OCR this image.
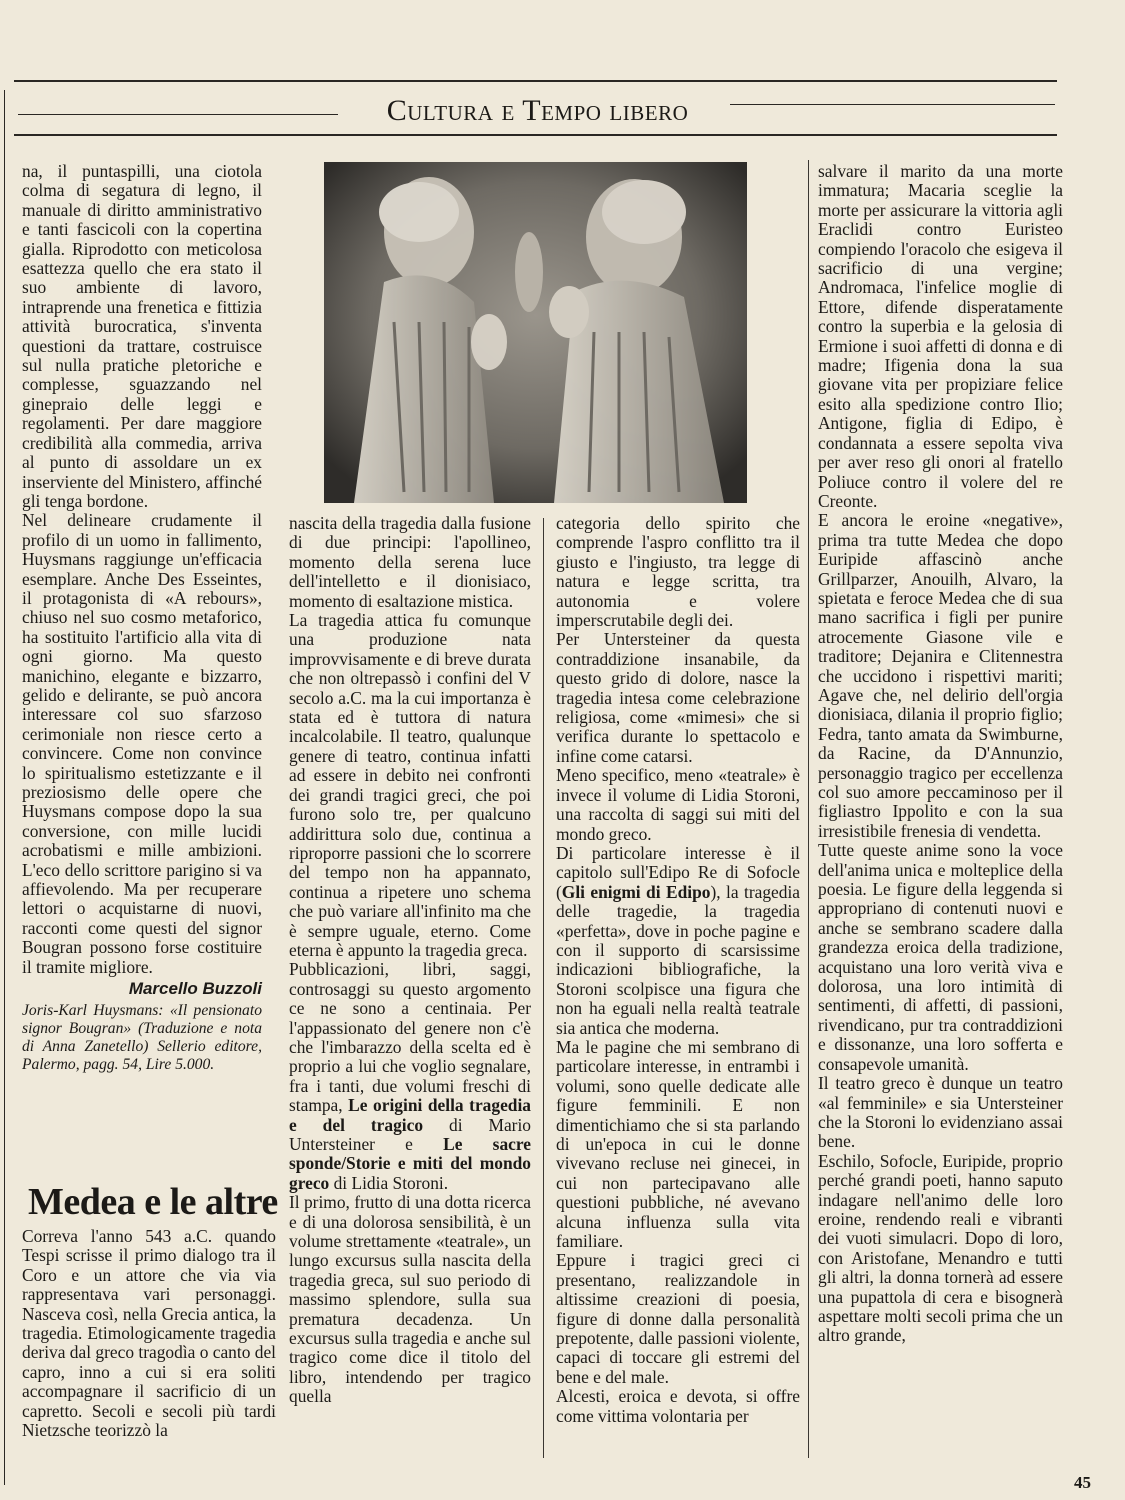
Cultura e Tempo libero

na, il puntaspilli, una ciotola colma di segatura di legno, il manuale di diritto amministrativo e tanti fascicoli con la copertina gialla. Riprodotto con meticolosa esattezza quello che era stato il suo ambiente di lavoro, intraprende una frenetica e fittizia attività burocratica, s'inventa questioni da trattare, costruisce sul nulla pratiche pletoriche e complesse, sguazzando nel ginepraio delle leggi e regolamenti. Per dare maggiore credibilità alla commedia, arriva al punto di assoldare un ex inserviente del Ministero, affinché gli tenga bordone.

Nel delineare crudamente il profilo di un uomo in fallimento, Huysmans raggiunge un'efficacia esemplare. Anche Des Esseintes, il protagonista di «A rebours», chiuso nel suo cosmo metaforico, ha sostituito l'artificio alla vita di ogni giorno. Ma questo manichino, elegante e bizzarro, gelido e delirante, se può ancora interessare col suo sfarzoso cerimoniale non riesce certo a convincere. Come non convince lo spiritualismo estetizzante e il preziosismo delle opere che Huysmans compose dopo la sua conversione, con mille lucidi acrobatismi e mille ambizioni. L'eco dello scrittore parigino si va affievolendo. Ma per recuperare lettori o acquistarne di nuovi, racconti come questi del signor Bougran possono forse costituire il tramite migliore.

Marcello Buzzoli
Joris-Karl Huysmans: «Il pensionato signor Bougran» (Traduzione e nota di Anna Zanetello) Sellerio editore, Palermo, pagg. 54, Lire 5.000.
Medea e le altre

Correva l'anno 543 a.C. quando Tespi scrisse il primo dialogo tra il Coro e un attore che via via rappresentava vari personaggi. Nasceva così, nella Grecia antica, la tragedia. Etimologicamente tragedia deriva dal greco tragodìa o canto del capro, inno a cui si era soliti accompagnare il sacrificio di un capretto. Secoli e secoli più tardi Nietzsche teorizzò la

nascita della tragedia dalla fusione di due principi: l'apollineo, momento della serena luce dell'intelletto e il dionisiaco, momento di esaltazione mistica.

La tragedia attica fu comunque una produzione nata improvvisamente e di breve durata che non oltrepassò i confini del V secolo a.C. ma la cui importanza è stata ed è tuttora di natura incalcolabile. Il teatro, qualunque genere di teatro, continua infatti ad essere in debito nei confronti dei grandi tragici greci, che poi furono solo tre, per qualcuno addirittura solo due, continua a riproporre passioni che lo scorrere del tempo non ha appannato, continua a ripetere uno schema che può variare all'infinito ma che è sempre uguale, eterno. Come eterna è appunto la tragedia greca.

Pubblicazioni, libri, saggi, controsaggi su questo argomento ce ne sono a centinaia. Per l'appassionato del genere non c'è che l'imbarazzo della scelta ed è proprio a lui che voglio segnalare, fra i tanti, due volumi freschi di stampa, Le origini della tragedia e del tragico di Mario Untersteiner e Le sacre sponde/Storie e miti del mondo greco di Lidia Storoni.

Il primo, frutto di una dotta ricerca e di una dolorosa sensibilità, è un volume strettamente «teatrale», un lungo excursus sulla nascita della tragedia greca, sul suo periodo di massimo splendore, sulla sua prematura decadenza. Un excursus sulla tragedia e anche sul tragico come dice il titolo del libro, intendendo per tragico quella

categoria dello spirito che comprende l'aspro conflitto tra il giusto e l'ingiusto, tra legge di natura e legge scritta, tra autonomia e volere imperscrutabile degli dei.

Per Untersteiner da questa contraddizione insanabile, da questo grido di dolore, nasce la tragedia intesa come celebrazione religiosa, come «mimesi» che si verifica durante lo spettacolo e infine come catarsi.

Meno specifico, meno «teatrale» è invece il volume di Lidia Storoni, una raccolta di saggi sui miti del mondo greco.

Di particolare interesse è il capitolo sull'Edipo Re di Sofocle (Gli enigmi di Edipo), la tragedia delle tragedie, la tragedia «perfetta», dove in poche pagine e con il supporto di scarsissime indicazioni bibliografiche, la Storoni scolpisce una figura che non ha eguali nella realtà teatrale sia antica che moderna.

Ma le pagine che mi sembrano di particolare interesse, in entrambi i volumi, sono quelle dedicate alle figure femminili. E non dimentichiamo che si sta parlando di un'epoca in cui le donne vivevano recluse nei ginecei, in cui non partecipavano alle questioni pubbliche, né avevano alcuna influenza sulla vita familiare.

Eppure i tragici greci ci presentano, realizzandole in altissime creazioni di poesia, figure di donne dalla personalità prepotente, dalle passioni violente, capaci di toccare gli estremi del bene e del male.

Alcesti, eroica e devota, si offre come vittima volontaria per

salvare il marito da una morte immatura; Macaria sceglie la morte per assicurare la vittoria agli Eraclidi contro Euristeo compiendo l'oracolo che esigeva il sacrificio di una vergine; Andromaca, l'infelice moglie di Ettore, difende disperatamente contro la superbia e la gelosia di Ermione i suoi affetti di donna e di madre; Ifigenia dona la sua giovane vita per propiziare felice esito alla spedizione contro Ilio; Antigone, figlia di Edipo, è condannata a essere sepolta viva per aver reso gli onori al fratello Poliuce contro il volere del re Creonte.

E ancora le eroine «negative», prima tra tutte Medea che dopo Euripide affascinò anche Grillparzer, Anouilh, Alvaro, la spietata e feroce Medea che di sua mano sacrifica i figli per punire atrocemente Giasone vile e traditore; Dejanira e Clitennestra che uccidono i rispettivi mariti; Agave che, nel delirio dell'orgia dionisiaca, dilania il proprio figlio; Fedra, tanto amata da Swimburne, da Racine, da D'Annunzio, personaggio tragico per eccellenza col suo amore peccaminoso per il figliastro Ippolito e con la sua irresistibile frenesia di vendetta.

Tutte queste anime sono la voce dell'anima unica e molteplice della poesia. Le figure della leggenda si appropriano di contenuti nuovi e anche se sembrano scadere dalla grandezza eroica della tradizione, acquistano una loro verità viva e dolorosa, una loro intimità di sentimenti, di affetti, di passioni, rivendicano, pur tra contraddizioni e dissonanze, una loro sofferta e consapevole umanità.

Il teatro greco è dunque un teatro «al femminile» e sia Untersteiner che la Storoni lo evidenziano assai bene.

Eschilo, Sofocle, Euripide, proprio perché grandi poeti, hanno saputo indagare nell'animo delle loro eroine, rendendo reali e vibranti dei vuoti simulacri. Dopo di loro, con Aristofane, Menandro e tutti gli altri, la donna tornerà ad essere una pupattola di cera e bisognerà aspettare molti secoli prima che un altro grande,

45
